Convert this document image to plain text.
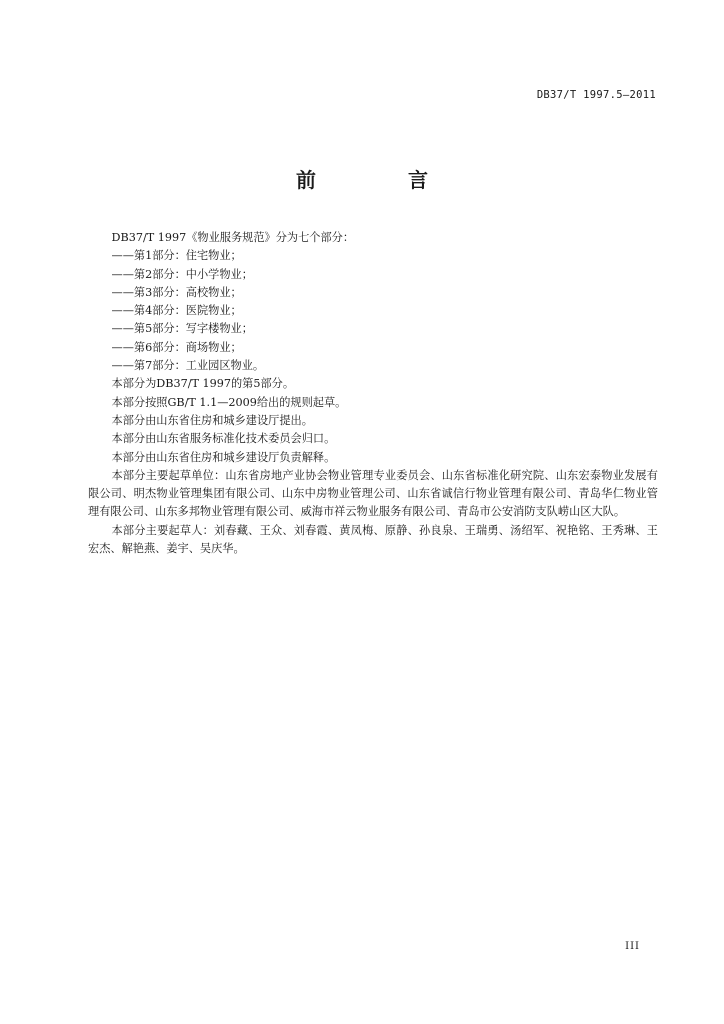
DB37/T 1997.5—2011
前　言

DB37/T 1997《物业服务规范》分为七个部分：

——第1部分：住宅物业；

——第2部分：中小学物业；

——第3部分：高校物业；

——第4部分：医院物业；

——第5部分：写字楼物业；

——第6部分：商场物业；

——第7部分：工业园区物业。

本部分为DB37/T 1997的第5部分。

本部分按照GB/T 1.1—2009给出的规则起草。

本部分由山东省住房和城乡建设厅提出。

本部分由山东省服务标准化技术委员会归口。

本部分由山东省住房和城乡建设厅负责解释。

本部分主要起草单位：山东省房地产业协会物业管理专业委员会、山东省标准化研究院、山东宏泰物业发展有限公司、明杰物业管理集团有限公司、山东中房物业管理公司、山东省诚信行物业管理有限公司、青岛华仁物业管理有限公司、山东多邦物业管理有限公司、威海市祥云物业服务有限公司、青岛市公安消防支队崂山区大队。

本部分主要起草人：刘春藏、王众、刘春霞、黄凤梅、原静、孙良泉、王瑞勇、汤绍军、祝艳铭、王秀琳、王宏杰、解艳燕、姜宇、吴庆华。

III
